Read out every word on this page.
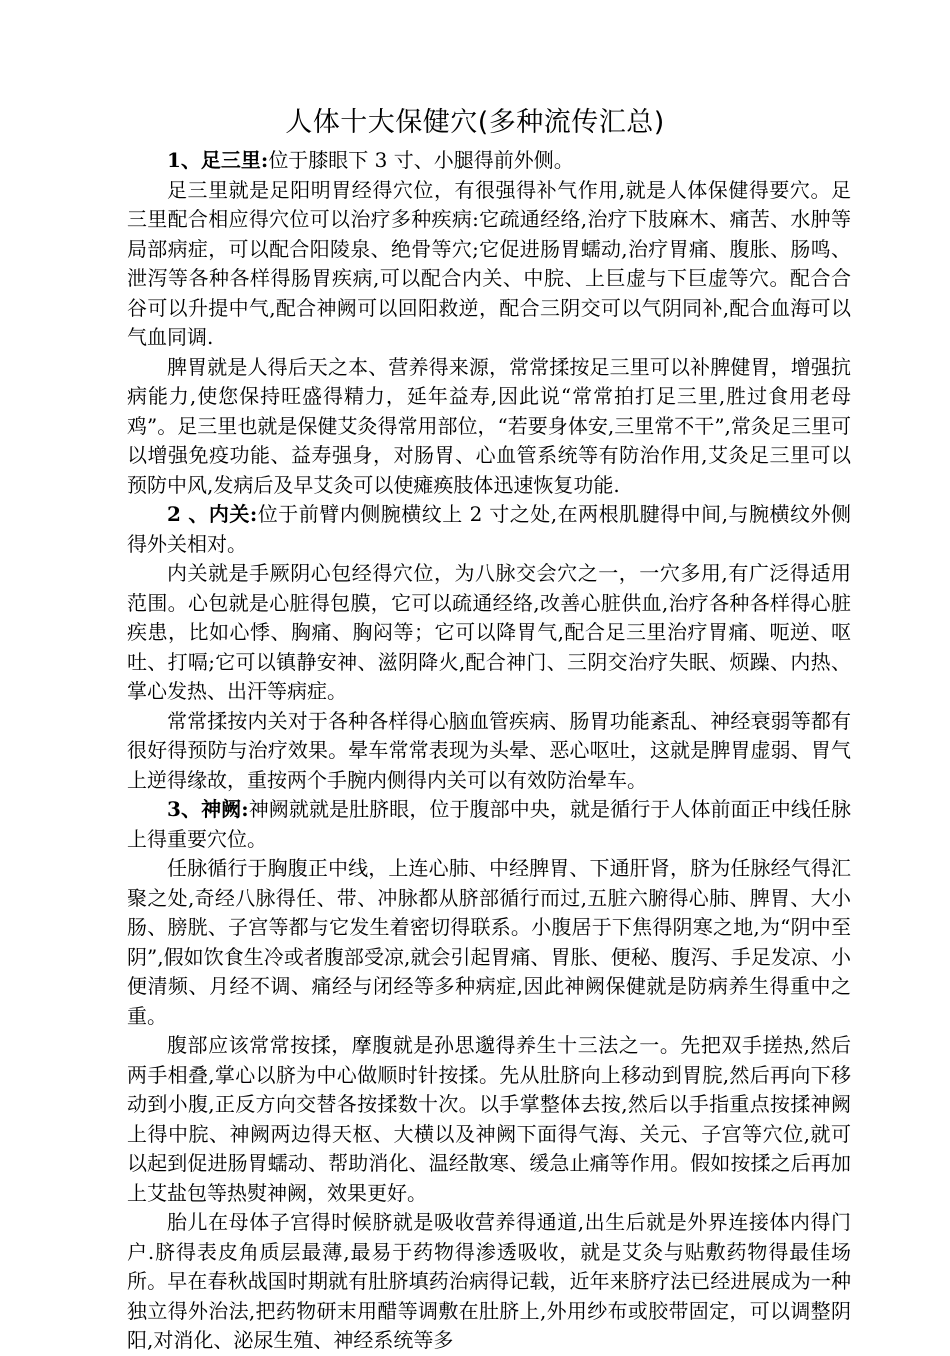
人体十大保健穴(多种流传汇总)

1、足三里:位于膝眼下 3 寸、小腿得前外侧。

足三里就是足阳明胃经得穴位，有很强得补气作用,就是人体保健得要穴。足三里配合相应得穴位可以治疗多种疾病:它疏通经络,治疗下肢麻木、痛苦、水肿等局部病症，可以配合阳陵泉、绝骨等穴;它促进肠胃蠕动,治疗胃痛、腹胀、肠鸣、泄泻等各种各样得肠胃疾病,可以配合内关、中脘、上巨虚与下巨虚等穴。配合合谷可以升提中气,配合神阙可以回阳救逆，配合三阴交可以气阴同补,配合血海可以气血同调.

脾胃就是人得后天之本、营养得来源，常常揉按足三里可以补脾健胃，增强抗病能力,使您保持旺盛得精力，延年益寿,因此说“常常拍打足三里,胜过食用老母鸡”。足三里也就是保健艾灸得常用部位，“若要身体安,三里常不干”,常灸足三里可以增强免疫功能、益寿强身，对肠胃、心血管系统等有防治作用,艾灸足三里可以预防中风,发病后及早艾灸可以使瘫痪肢体迅速恢复功能.

2 、内关:位于前臂内侧腕横纹上 2 寸之处,在两根肌腱得中间,与腕横纹外侧得外关相对。

内关就是手厥阴心包经得穴位，为八脉交会穴之一，一穴多用,有广泛得适用范围。心包就是心脏得包膜，它可以疏通经络,改善心脏供血,治疗各种各样得心脏疾患，比如心悸、胸痛、胸闷等；它可以降胃气,配合足三里治疗胃痛、呃逆、呕吐、打嗝;它可以镇静安神、滋阴降火,配合神门、三阴交治疗失眠、烦躁、内热、掌心发热、出汗等病症。

常常揉按内关对于各种各样得心脑血管疾病、肠胃功能紊乱、神经衰弱等都有很好得预防与治疗效果。晕车常常表现为头晕、恶心呕吐，这就是脾胃虚弱、胃气上逆得缘故，重按两个手腕内侧得内关可以有效防治晕车。

3、神阙:神阙就就是肚脐眼，位于腹部中央，就是循行于人体前面正中线任脉上得重要穴位。

任脉循行于胸腹正中线，上连心肺、中经脾胃、下通肝肾，脐为任脉经气得汇聚之处,奇经八脉得任、带、冲脉都从脐部循行而过,五脏六腑得心肺、脾胃、大小肠、膀胱、子宫等都与它发生着密切得联系。小腹居于下焦得阴寒之地,为“阴中至阴”,假如饮食生冷或者腹部受凉,就会引起胃痛、胃胀、便秘、腹泻、手足发凉、小便清频、月经不调、痛经与闭经等多种病症,因此神阙保健就是防病养生得重中之重。

腹部应该常常按揉，摩腹就是孙思邈得养生十三法之一。先把双手搓热,然后两手相叠,掌心以脐为中心做顺时针按揉。先从肚脐向上移动到胃脘,然后再向下移动到小腹,正反方向交替各按揉数十次。以手掌整体去按,然后以手指重点按揉神阙上得中脘、神阙两边得天枢、大横以及神阙下面得气海、关元、子宫等穴位,就可以起到促进肠胃蠕动、帮助消化、温经散寒、缓急止痛等作用。假如按揉之后再加上艾盐包等热熨神阙，效果更好。

胎儿在母体子宫得时候脐就是吸收营养得通道,出生后就是外界连接体内得门户.脐得表皮角质层最薄,最易于药物得渗透吸收，就是艾灸与贴敷药物得最佳场所。早在春秋战国时期就有肚脐填药治病得记载，近年来脐疗法已经进展成为一种独立得外治法,把药物研末用醋等调敷在肚脐上,外用纱布或胶带固定，可以调整阴阳,对消化、泌尿生殖、神经系统等多
